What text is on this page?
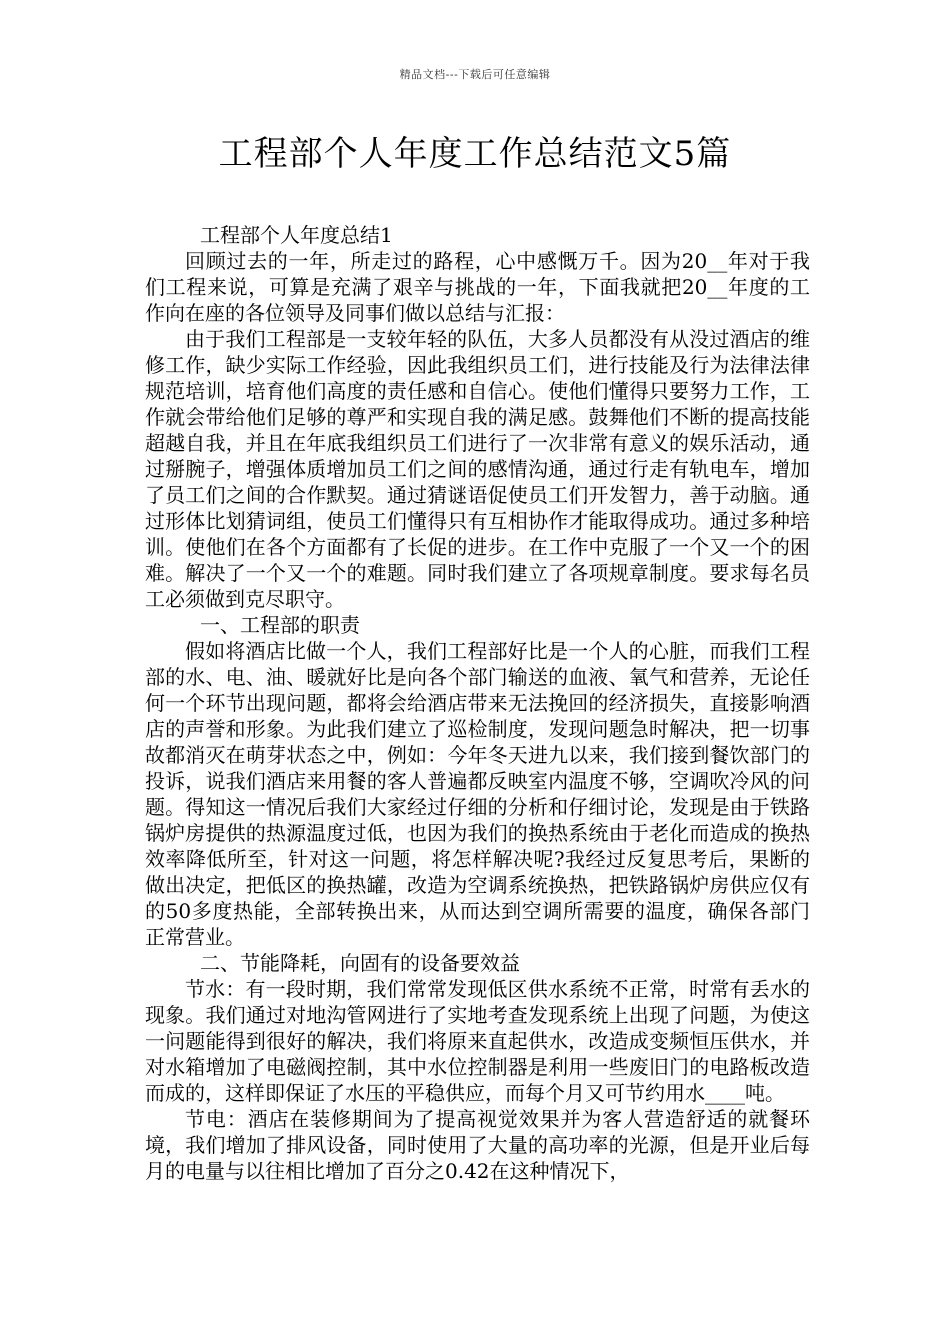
精品文档---下载后可任意编辑
工程部个人年度工作总结范文5篇

工程部个人年度总结1

回顾过去的一年，所走过的路程，心中感慨万千。因为20__年对于我们工程来说，可算是充满了艰辛与挑战的一年，下面我就把20__年度的工作向在座的各位领导及同事们做以总结与汇报：

由于我们工程部是一支较年轻的队伍，大多人员都没有从没过酒店的维修工作，缺少实际工作经验，因此我组织员工们，进行技能及行为法律法律规范培训，培育他们高度的责任感和自信心。使他们懂得只要努力工作，工作就会带给他们足够的尊严和实现自我的满足感。鼓舞他们不断的提高技能超越自我，并且在年底我组织员工们进行了一次非常有意义的娱乐活动，通过掰腕子，增强体质增加员工们之间的感情沟通，通过行走有轨电车，增加了员工们之间的合作默契。通过猜谜语促使员工们开发智力，善于动脑。通过形体比划猜词组，使员工们懂得只有互相协作才能取得成功。通过多种培训。使他们在各个方面都有了长促的进步。在工作中克服了一个又一个的困难。解决了一个又一个的难题。同时我们建立了各项规章制度。要求每名员工必须做到克尽职守。

一、工程部的职责

假如将酒店比做一个人，我们工程部好比是一个人的心脏，而我们工程部的水、电、油、暖就好比是向各个部门输送的血液、氧气和营养，无论任何一个环节出现问题，都将会给酒店带来无法挽回的经济损失，直接影响酒店的声誉和形象。为此我们建立了巡检制度，发现问题急时解决，把一切事故都消灭在萌芽状态之中，例如：今年冬天进九以来，我们接到餐饮部门的投诉，说我们酒店来用餐的客人普遍都反映室内温度不够，空调吹冷风的问题。得知这一情况后我们大家经过仔细的分析和仔细讨论，发现是由于铁路锅炉房提供的热源温度过低，也因为我们的换热系统由于老化而造成的换热效率降低所至，针对这一问题，将怎样解决呢?我经过反复思考后，果断的做出决定，把低区的换热罐，改造为空调系统换热，把铁路锅炉房供应仅有的50多度热能，全部转换出来，从而达到空调所需要的温度，确保各部门正常营业。

二、节能降耗，向固有的设备要效益

节水：有一段时期，我们常常发现低区供水系统不正常，时常有丢水的现象。我们通过对地沟管网进行了实地考查发现系统上出现了问题，为使这一问题能得到很好的解决，我们将原来直起供水，改造成变频恒压供水，并对水箱增加了电磁阀控制，其中水位控制器是利用一些废旧门的电路板改造而成的，这样即保证了水压的平稳供应，而每个月又可节约用水____吨。

节电：酒店在装修期间为了提高视觉效果并为客人营造舒适的就餐环境，我们增加了排风设备，同时使用了大量的高功率的光源，但是开业后每月的电量与以往相比增加了百分之0.42在这种情况下，
